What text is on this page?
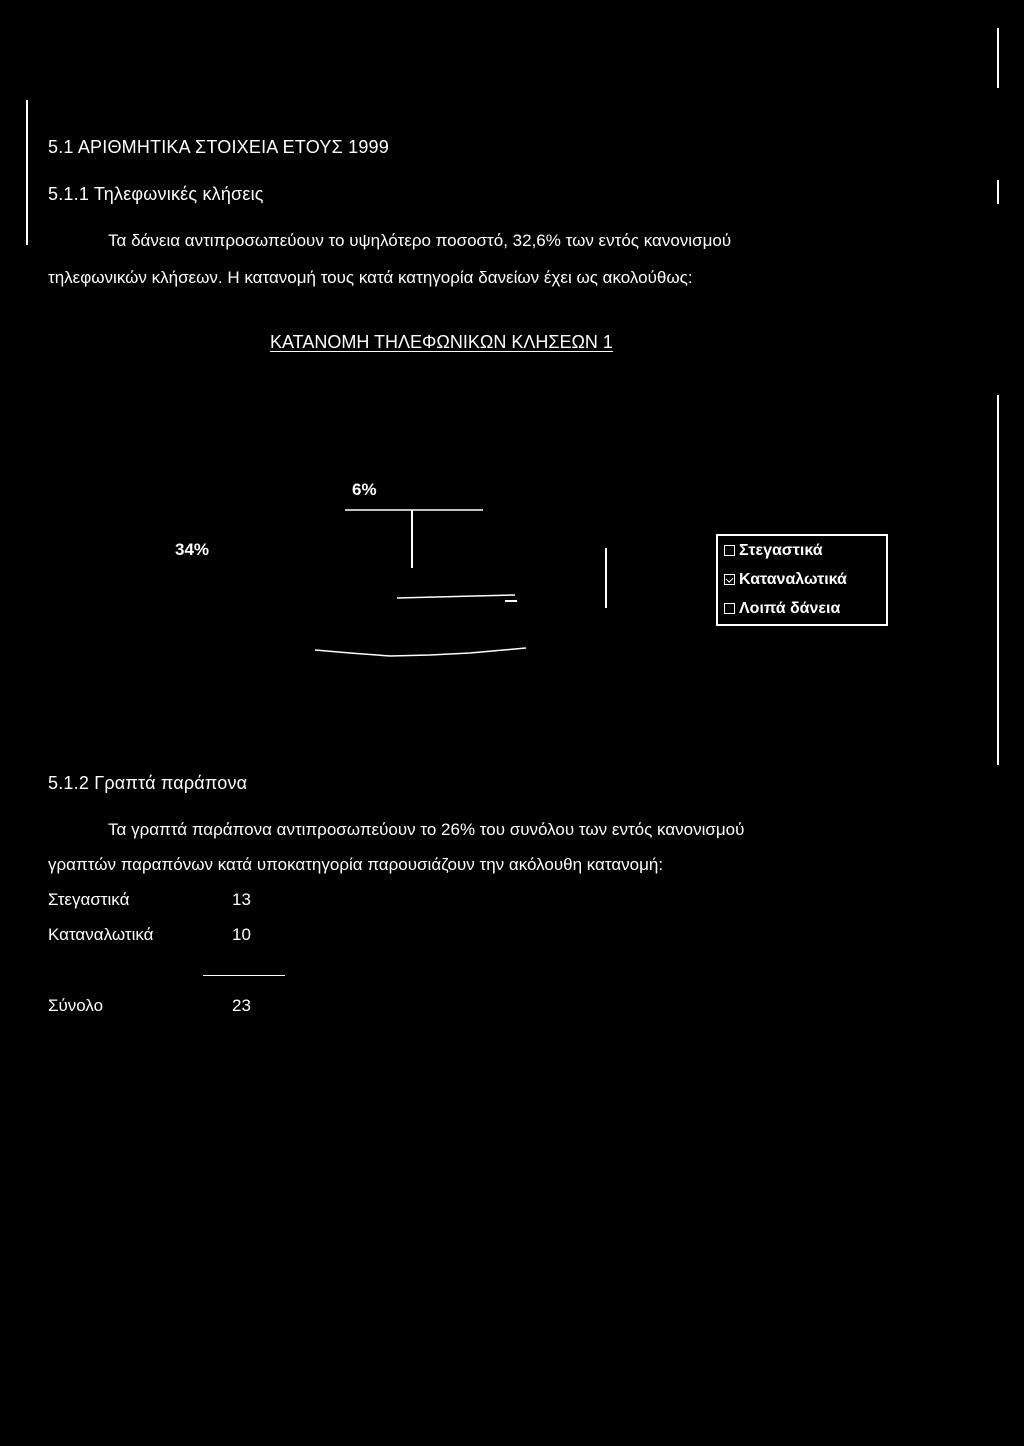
5.1 ΑΡΙΘΜΗΤΙΚΑ ΣΤΟΙΧΕΙΑ ΕΤΟΥΣ 1999
5.1.1 Τηλεφωνικές κλήσεις
Τα δάνεια αντιπροσωπεύουν το υψηλότερο ποσοστό, 32,6% των εντός κανονισμού
τηλεφωνικών κλήσεων. Η κατανομή τους κατά κατηγορία δανείων έχει ως ακολούθως:
ΚΑΤΑΝΟΜΗ ΤΗΛΕΦΩΝΙΚΩΝ ΚΛΗΣΕΩΝ 1
6%
34%	Στεγαστικά
Καταναλωτικά
Λοιπά δάνεια
5.1.2 Γραπτά παράπονα
Τα γραπτά παράπονα αντιπροσωπεύουν το 26% του συνόλου των εντός κανονισμού
γραπτών παραπόνων κατά υποκατηγορία παρουσιάζουν την ακόλουθη κατανομή:
Στεγαστικά	13
Καταναλωτικά	10
Σύνολο	23
